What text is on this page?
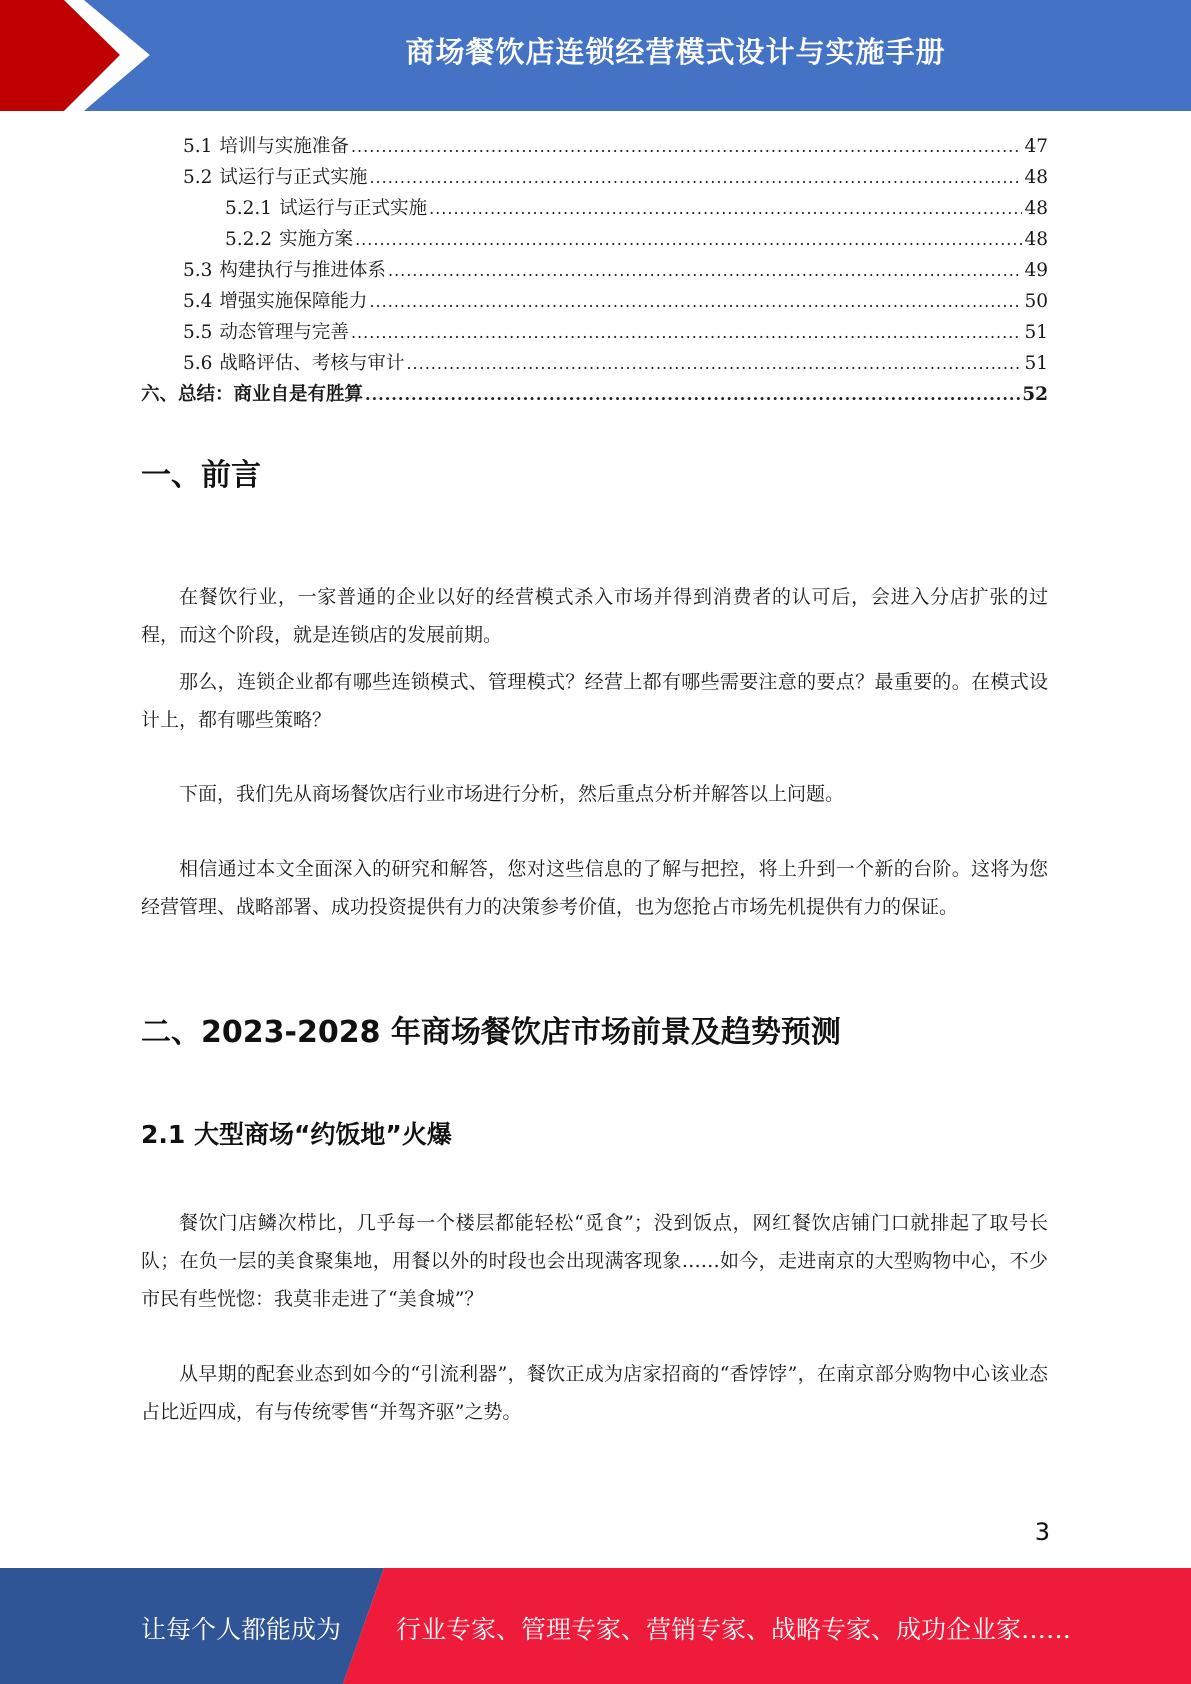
商场餐饮店连锁经营模式设计与实施手册
5.1 培训与实施准备 .....	47
5.2 试运行与正式实施 .....	48
5.2.1 试运行与正式实施 .....	48
5.2.2 实施方案 .....	48
5.3 构建执行与推进体系 .....	49
5.4 增强实施保障能力 .....	50
5.5 动态管理与完善 .....	51
5.6 战略评估、考核与审计 .....	51
六、总结：商业自是有胜算 .....	52
一、前言

在餐饮行业，一家普通的企业以好的经营模式杀入市场并得到消费者的认可后，会进入分店扩张的过程，而这个阶段，就是连锁店的发展前期。

那么，连锁企业都有哪些连锁模式、管理模式？经营上都有哪些需要注意的要点？最重要的。在模式设计上，都有哪些策略？

下面，我们先从商场餐饮店行业市场进行分析，然后重点分析并解答以上问题。

相信通过本文全面深入的研究和解答，您对这些信息的了解与把控，将上升到一个新的台阶。这将为您经营管理、战略部署、成功投资提供有力的决策参考价值，也为您抢占市场先机提供有力的保证。

二、2023-2028 年商场餐饮店市场前景及趋势预测
2.1 大型商场“约饭地”火爆

餐饮门店鳞次栉比，几乎每一个楼层都能轻松“觅食”；没到饭点，网红餐饮店铺门口就排起了取号长队；在负一层的美食聚集地，用餐以外的时段也会出现满客现象……如今，走进南京的大型购物中心，不少市民有些恍惚：我莫非走进了“美食城”？

从早期的配套业态到如今的“引流利器”，餐饮正成为店家招商的“香饽饽”，在南京部分购物中心该业态占比近四成，有与传统零售“并驾齐驱”之势。

3
让每个人都能成为 行业专家、管理专家、营销专家、战略专家、成功企业家……
